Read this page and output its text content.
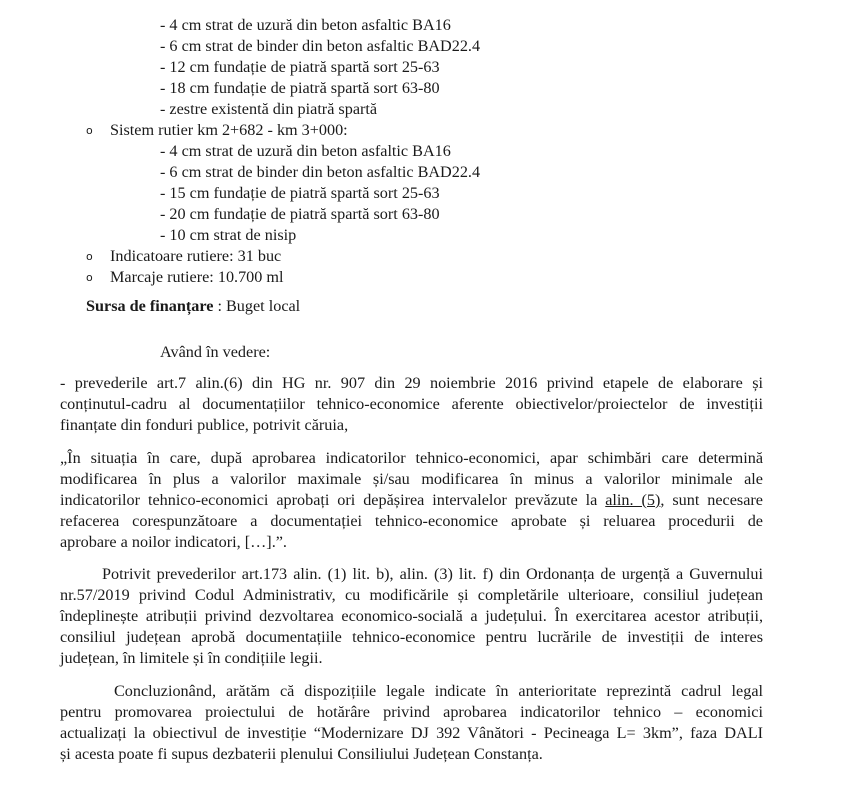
- 4 cm strat de uzură din beton asfaltic BA16
- 6 cm strat de binder din beton asfaltic BAD22.4
- 12 cm fundație de piatră spartă sort 25-63
- 18 cm fundație de piatră spartă sort 63-80
- zestre existentă din piatră spartă
o Sistem rutier km 2+682 - km 3+000:
- 4 cm strat de uzură din beton asfaltic BA16
- 6 cm strat de binder din beton asfaltic BAD22.4
- 15 cm fundație de piatră spartă sort 25-63
- 20 cm fundație de piatră spartă sort 63-80
- 10 cm strat de nisip
o Indicatoare rutiere: 31 buc
o Marcaje rutiere: 10.700 ml
Sursa de finanțare : Buget local
Având în vedere:
- prevederile art.7 alin.(6) din HG nr. 907 din 29 noiembrie 2016 privind etapele de elaborare și
conținutul-cadru al documentațiilor tehnico-economice aferente obiectivelor/proiectelor de investiții
finanțate din fonduri publice, potrivit căruia,
„În situația în care, după aprobarea indicatorilor tehnico-economici, apar schimbări care determină
modificarea în plus a valorilor maximale și/sau modificarea în minus a valorilor minimale ale
indicatorilor tehnico-economici aprobați ori depășirea intervalelor prevăzute la alin. (5), sunt necesare
refacerea corespunzătoare a documentației tehnico-economice aprobate și reluarea procedurii de
aprobare a noilor indicatori, […].”.
Potrivit prevederilor art.173 alin. (1) lit. b), alin. (3) lit. f) din Ordonanța de urgență a Guvernului
nr.57/2019 privind Codul Administrativ, cu modificările și completările ulterioare, consiliul județean
îndeplinește atribuții privind dezvoltarea economico-socială a județului. În exercitarea acestor atribuții,
consiliul județean aprobă documentațiile tehnico-economice pentru lucrările de investiții de interes
județean, în limitele și în condițiile legii.
Concluzionând, arătăm că dispozițiile legale indicate în anterioritate reprezintă cadrul legal
pentru promovarea proiectului de hotărâre privind aprobarea indicatorilor tehnico – economici
actualizați la obiectivul de investiție “Modernizare DJ 392 Vânători - Pecineaga L= 3km”, faza DALI
și acesta poate fi supus dezbaterii plenului Consiliului Județean Constanța.
